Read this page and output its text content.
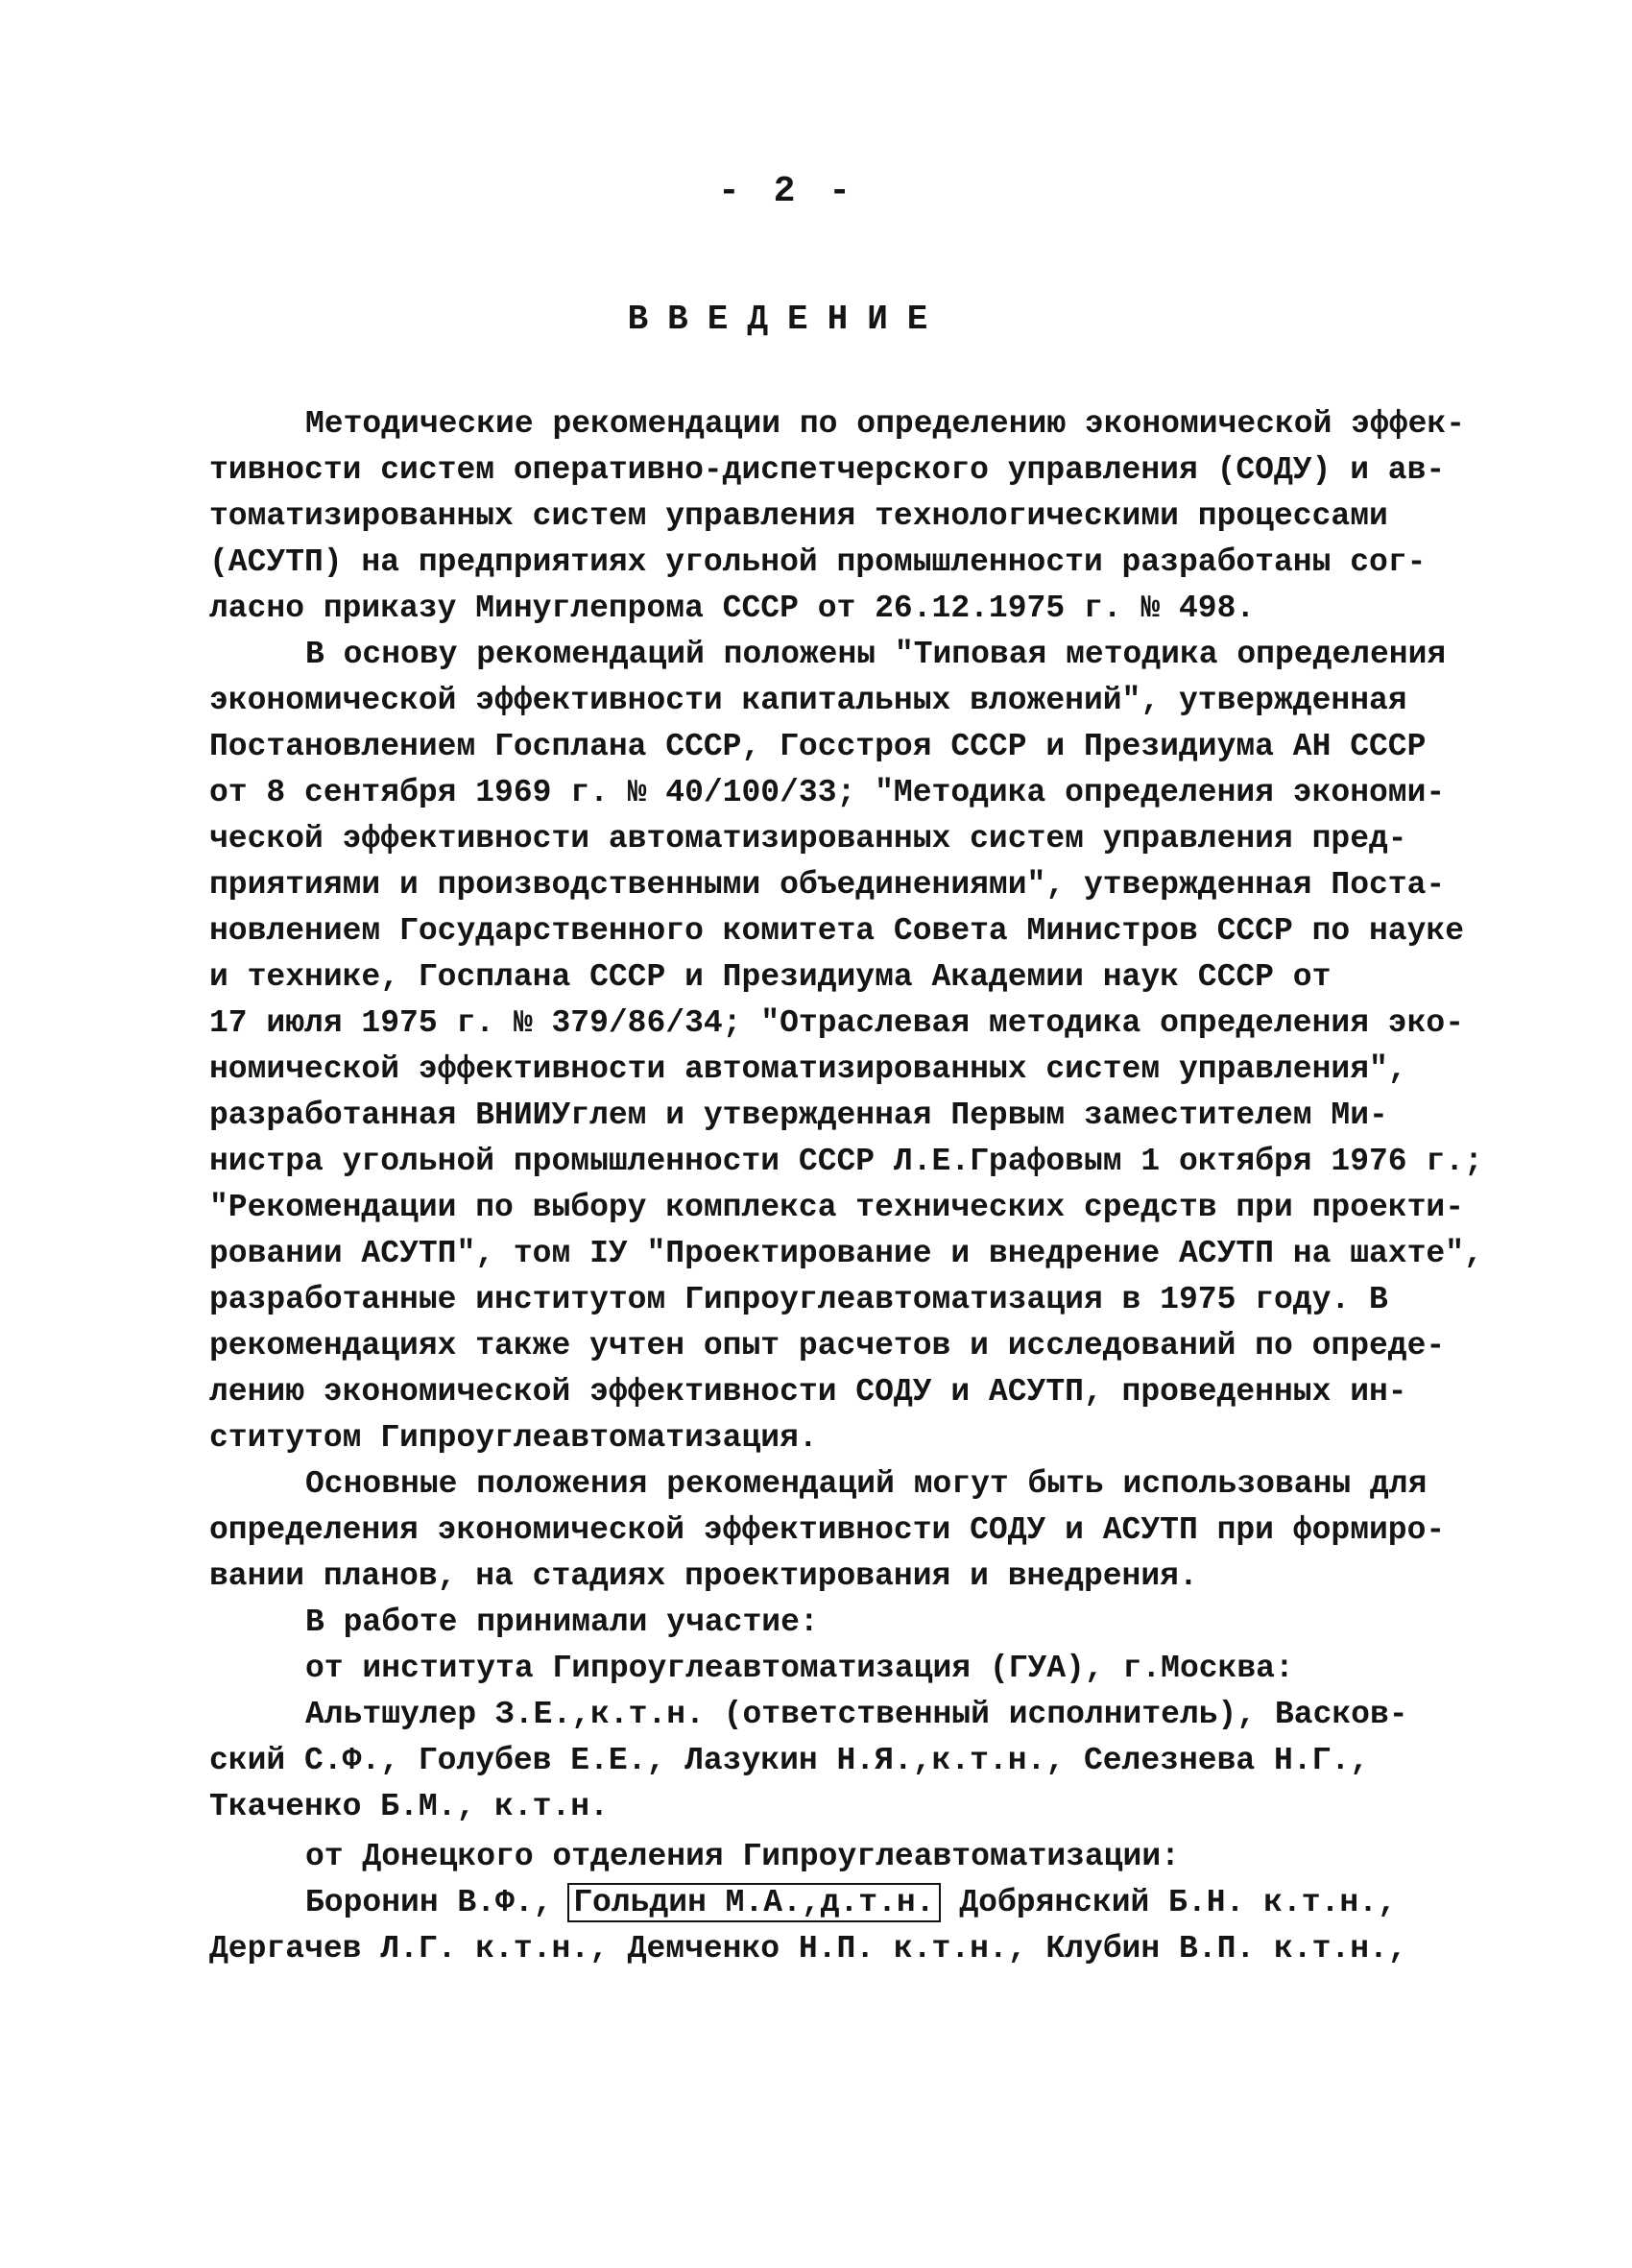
- 2 -
ВВЕДЕНИЕ
Методические рекомендации по определению экономической эффек-
тивности систем оперативно-диспетчерского управления (СОДУ) и ав-
томатизированных систем управления технологическими процессами
(АСУТП) на предприятиях угольной промышленности разработаны сог-
ласно приказу Минуглепрома СССР от 26.12.1975 г. № 498.
В основу рекомендаций положены "Типовая методика определения
экономической эффективности капитальных вложений", утвержденная
Постановлением Госплана СССР, Госстроя СССР и Президиума АН СССР
от 8 сентября 1969 г. № 40/100/33; "Методика определения экономи-
ческой эффективности автоматизированных систем управления пред-
приятиями и производственными объединениями", утвержденная Поста-
новлением Государственного комитета Совета Министров СССР по науке
и технике, Госплана СССР и Президиума Академии наук СССР от
17 июля 1975 г. № 379/86/34; "Отраслевая методика определения эко-
номической эффективности автоматизированных систем управления",
разработанная ВНИИУглем и утвержденная Первым заместителем Ми-
нистра угольной промышленности СССР Л.Е.Графовым 1 октября 1976 г.;
"Рекомендации по выбору комплекса технических средств при проекти-
ровании АСУТП", том IУ "Проектирование и внедрение АСУТП на шахте",
разработанные институтом Гипроуглеавтоматизация в 1975 году. В
рекомендациях также учтен опыт расчетов и исследований по опреде-
лению экономической эффективности СОДУ и АСУТП, проведенных ин-
ститутом Гипроуглеавтоматизация.
Основные положения рекомендаций могут быть использованы для
определения экономической эффективности СОДУ и АСУТП при формиро-
вании планов, на стадиях проектирования и внедрения.
В работе принимали участие:
от института Гипроуглеавтоматизация (ГУА), г.Москва:
Альтшулер З.Е.,к.т.н. (ответственный исполнитель), Васков-
ский С.Ф., Голубев Е.Е., Лазукин Н.Я.,к.т.н., Селезнева Н.Г.,
Ткаченко Б.М., к.т.н.
от Донецкого отделения Гипроуглеавтоматизации:
Боронин В.Ф., Гольдин М.А.,д.т.н. Добрянский Б.Н. к.т.н.,
Дергачев Л.Г. к.т.н., Демченко Н.П. к.т.н., Клубин В.П. к.т.н.,
